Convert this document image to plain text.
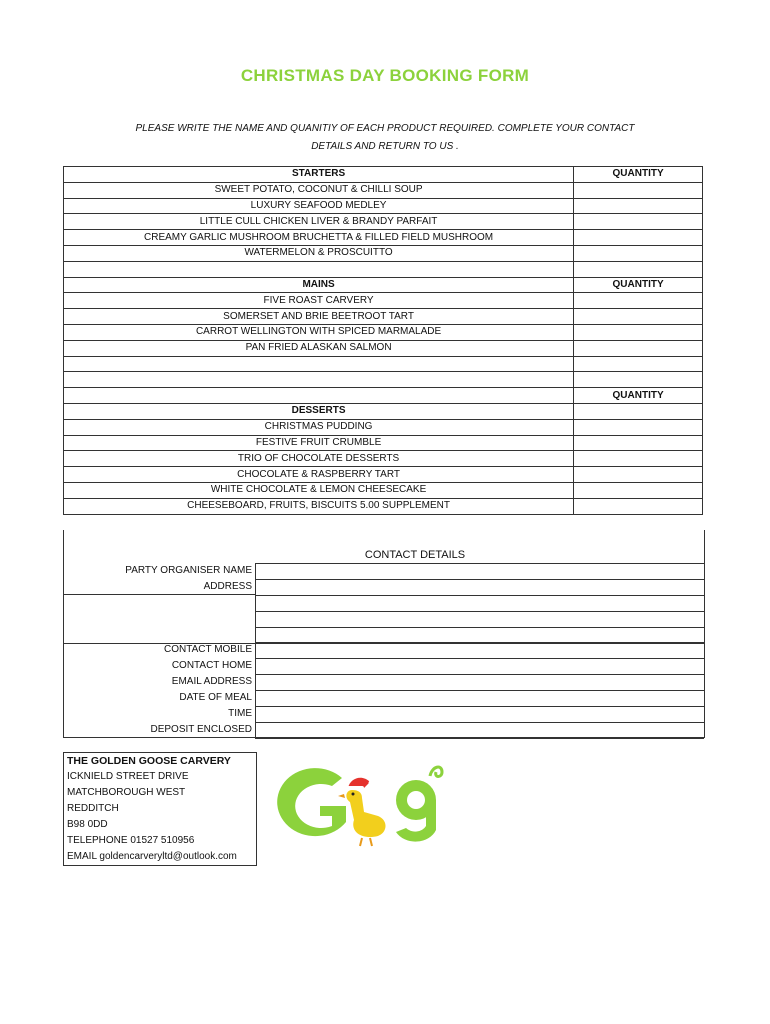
CHRISTMAS DAY BOOKING FORM
PLEASE WRITE THE NAME AND QUANITIY OF EACH PRODUCT REQUIRED. COMPLETE YOUR CONTACT
DETAILS AND RETURN TO US .
STARTERS	QUANTITY
SWEET POTATO, COCONUT & CHILLI SOUP	
LUXURY SEAFOOD MEDLEY	
LITTLE CULL CHICKEN LIVER & BRANDY PARFAIT	
CREAMY GARLIC MUSHROOM BRUCHETTA & FILLED FIELD MUSHROOM	
WATERMELON & PROSCUITTO	

MAINS	QUANTITY
FIVE ROAST CARVERY	
SOMERSET AND BRIE BEETROOT TART	
CARROT WELLINGTON WITH SPICED MARMALADE	
PAN FRIED ALASKAN SALMON	

	QUANTITY
DESSERTS	
CHRISTMAS PUDDING	
FESTIVE FRUIT CRUMBLE	
TRIO OF CHOCOLATE DESSERTS	
CHOCOLATE & RASPBERRY TART	
WHITE CHOCOLATE & LEMON CHEESECAKE	
CHEESEBOARD, FRUITS, BISCUITS 5.00 SUPPLEMENT	
CONTACT DETAILS
PARTY ORGANISER NAME
ADDRESS
CONTACT MOBILE
CONTACT HOME
EMAIL ADDRESS
DATE OF MEAL
TIME
DEPOSIT ENCLOSED
THE GOLDEN GOOSE CARVERY
ICKNIELD STREET DRIVE
MATCHBOROUGH WEST
REDDITCH
B98 0DD
TELEPHONE 01527 510956
EMAIL goldencarveryltd@outlook.com
